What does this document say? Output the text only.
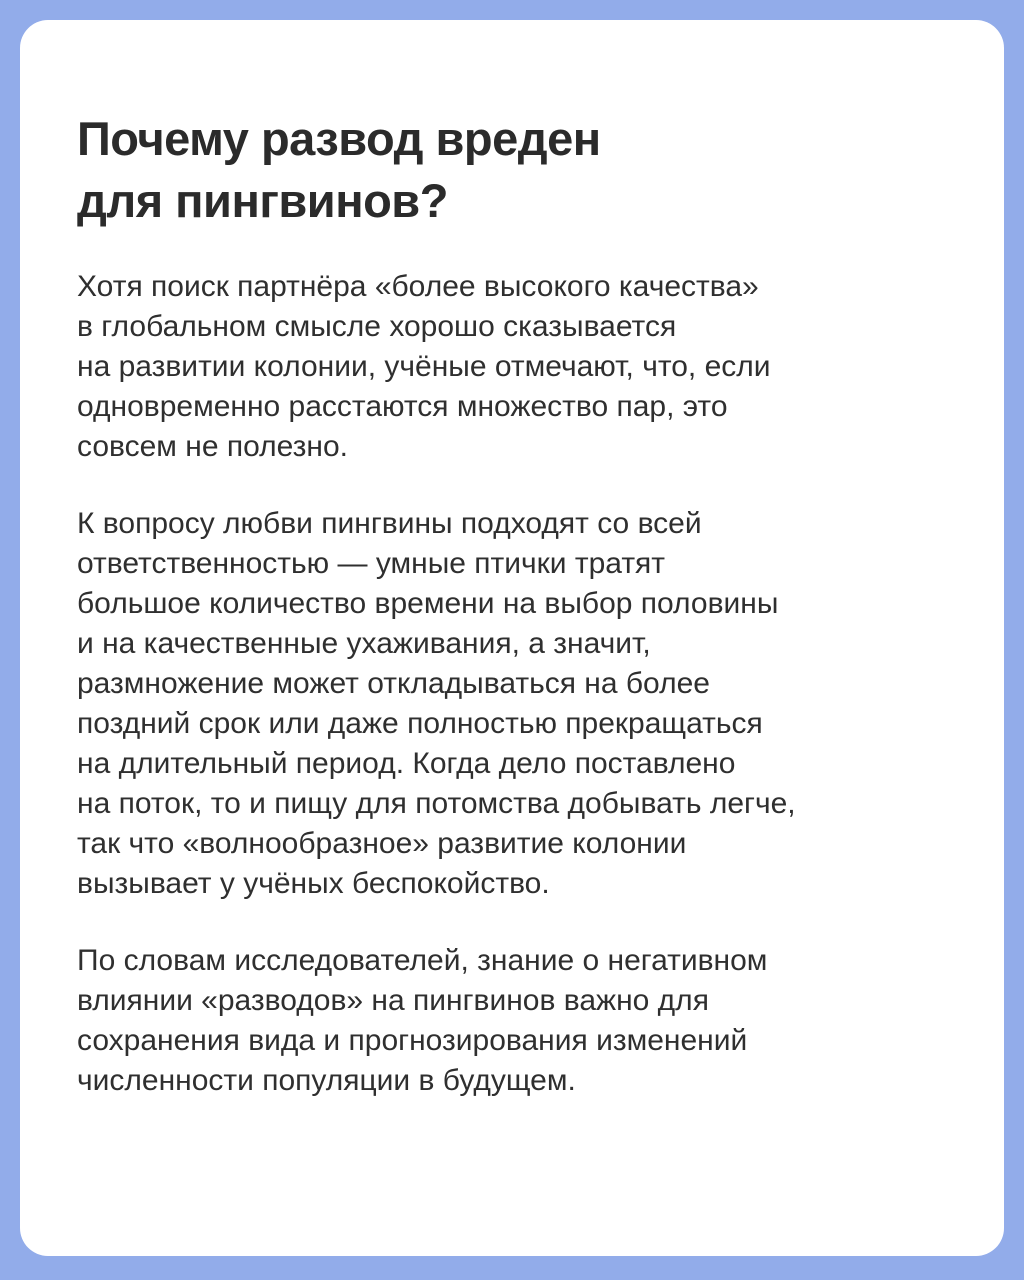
Почему развод вреден
для пингвинов?

Хотя поиск партнёра «более высокого качества»
в глобальном смысле хорошо сказывается
на развитии колонии, учёные отмечают, что, если
одновременно расстаются множество пар, это
совсем не полезно.

К вопросу любви пингвины подходят со всей
ответственностью — умные птички тратят
большое количество времени на выбор половины
и на качественные ухаживания, а значит,
размножение может откладываться на более
поздний срок или даже полностью прекращаться
на длительный период. Когда дело поставлено
на поток, то и пищу для потомства добывать легче,
так что «волнообразное» развитие колонии
вызывает у учёных беспокойство.

По словам исследователей, знание о негативном
влиянии «разводов» на пингвинов важно для
сохранения вида и прогнозирования изменений
численности популяции в будущем.
